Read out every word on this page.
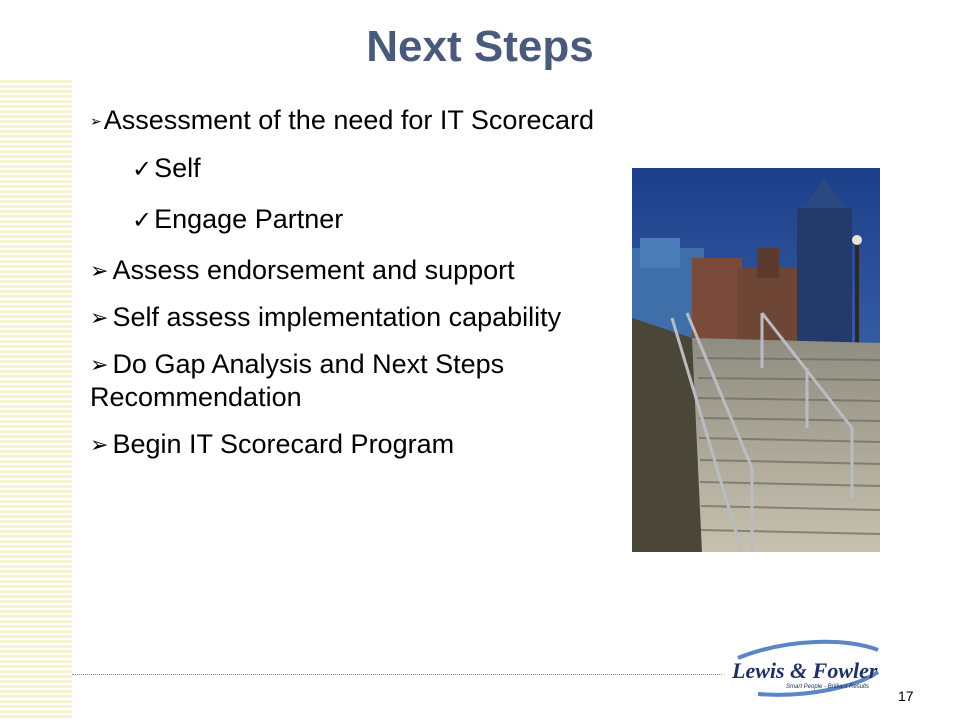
Next Steps
➢Assessment of the need for IT Scorecard
✓Self
✓Engage Partner
➢ Assess endorsement and support
➢ Self assess implementation capability
➢ Do Gap Analysis and Next Steps Recommendation
➢ Begin IT Scorecard Program
Lewis & Fowler
Smart People - Brilliant Results
17
